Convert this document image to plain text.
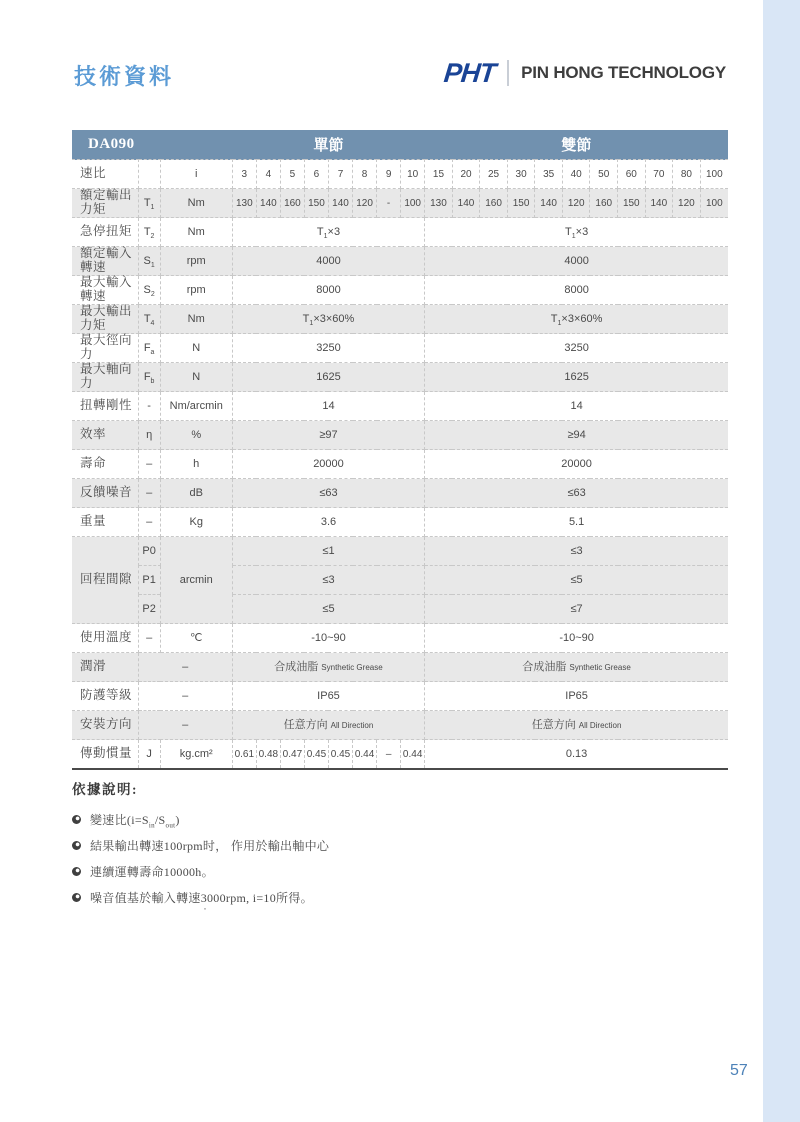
技術資料	PHT PIN HONG TECHNOLOGY
DA090			單節								雙節										
速比		i	3	4	5	6	7	8	9	10	15	20	25	30	35	40	50	60	70	80	100
額定輸出力矩	$T_1$	Nm	130	140	160	150	140	120	-	100	130	140	160	150	140	120	160	150	140	120	100
急停扭矩	$T_2$	Nm	$T_1\times 3$								$T_1\times 3$										
額定輸入轉速	$S_1$	rpm	4000								4000										
最大輸入轉速	$S_2$	rpm	8000								8000										
最大輸出力矩	$T_4$	Nm	$T_1\times 3\times 60\%$								$T_1\times 3\times 60\%$										
最大徑向力	$F_a$	N	3250								3250										
最大軸向力	$F_b$	N	1625								1625										
扭轉剛性	-	Nm/arcmin	14								14										
效率	η	%	≥97								≥94										
壽命	–	h	20000								20000										
反饋噪音	–	dB	≤63								≤63										
重量	–	Kg	3.6								5.1										
回程間隙	P0	arcmin	≤1								≤3										
	P1		≤3								≤5										
	P2		≤5								≤7										
使用溫度	–	℃	-10~90								-10~90										
潤滑	–		合成油脂 Synthetic Grease								合成油脂 Synthetic Grease										
防護等級	–		IP65								IP65										
安裝方向	–		任意方向 All Direction								任意方向 All Direction										
傳動慣量	J	kg.cm²	0.61	0.48	0.47	0.45	0.45	0.44	–	0.44	0.13										
依據說明:
變速比$(i=S_{in}/S_{out})$
結果輸出轉速100rpm时， 作用於輸出軸中心
連續運轉壽命10000h。
噪音值基於輸入轉速3000rpm, i=10所得。
·
57
